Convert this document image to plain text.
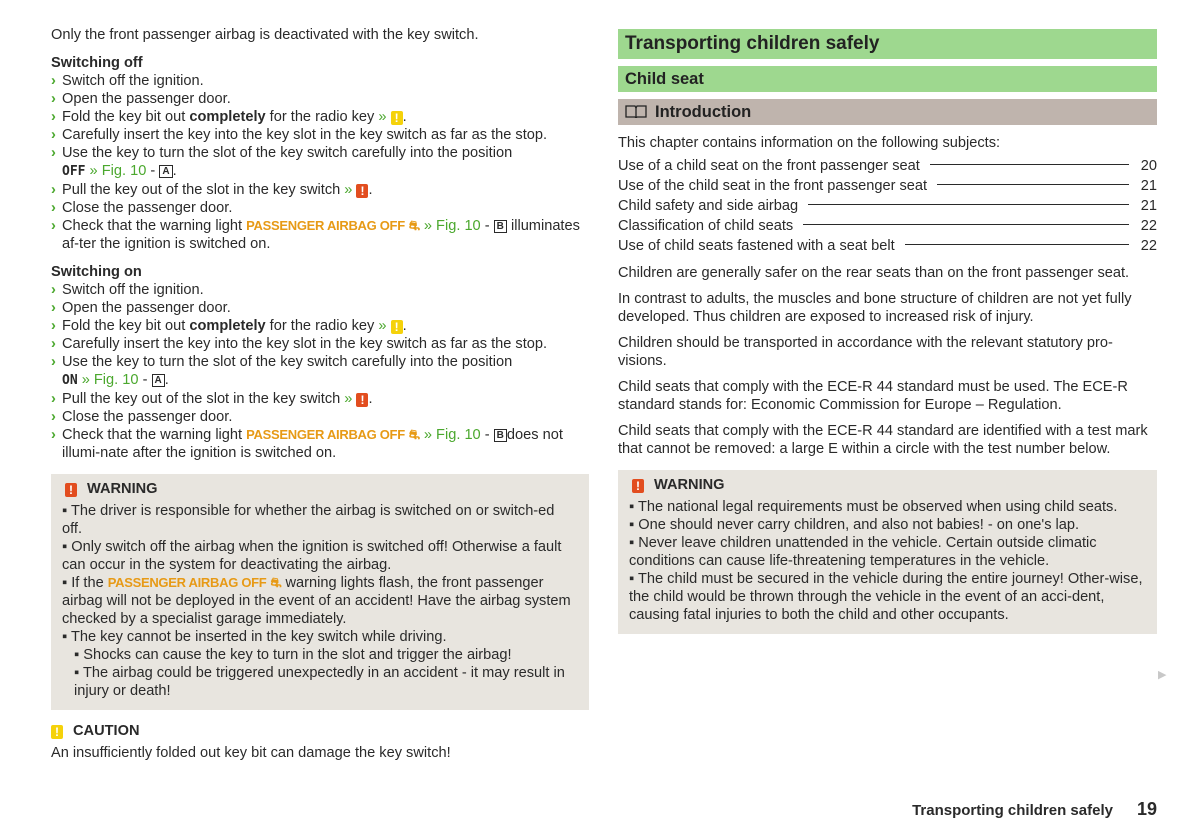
Only the front passenger airbag is deactivated with the key switch.

Switching off

› Switch off the ignition.

› Open the passenger door.

› Fold the key bit out completely for the radio key » ! .

› Carefully insert the key into the key slot in the key switch as far as the stop.

› Use the key to turn the slot of the key switch carefully into the position
OFF » Fig. 10 - A .

› Pull the key out of the slot in the key switch » ! .

› Close the passenger door.

› Check that the warning light PASSENGER AIRBAG OFF ⛐ » Fig. 10 - B illuminates af-ter the ignition is switched on.

Switching on

› Switch off the ignition.

› Open the passenger door.

› Fold the key bit out completely for the radio key » ! .

› Carefully insert the key into the key slot in the key switch as far as the stop.

› Use the key to turn the slot of the key switch carefully into the position
ON » Fig. 10 - A .

› Pull the key out of the slot in the key switch » ! .

› Close the passenger door.

› Check that the warning light PASSENGER AIRBAG OFF ⛐ » Fig. 10 - B does not illumi-nate after the ignition is switched on.

! WARNING

▪ The driver is responsible for whether the airbag is switched on or switch-ed off.

▪ Only switch off the airbag when the ignition is switched off! Otherwise a fault can occur in the system for deactivating the airbag.

▪ If the PASSENGER AIRBAG OFF ⛐ warning lights flash, the front passenger airbag will not be deployed in the event of an accident! Have the airbag system checked by a specialist garage immediately.

▪ The key cannot be inserted in the key switch while driving.

▪ Shocks can cause the key to turn in the slot and trigger the airbag!

▪ The airbag could be triggered unexpectedly in an accident - it may result in injury or death!

! CAUTION

An insufficiently folded out key bit can damage the key switch!

Transporting children safely
Child seat
Introduction

This chapter contains information on the following subjects:

Use of a child seat on the front passenger seat	20
Use of the child seat in the front passenger seat	21
Child safety and side airbag	21
Classification of child seats	22
Use of child seats fastened with a seat belt	22

Children are generally safer on the rear seats than on the front passenger seat.

In contrast to adults, the muscles and bone structure of children are not yet fully developed. Thus children are exposed to increased risk of injury.

Children should be transported in accordance with the relevant statutory pro-visions.

Child seats that comply with the ECE-R 44 standard must be used. The ECE-R standard stands for: Economic Commission for Europe – Regulation.

Child seats that comply with the ECE-R 44 standard are identified with a test mark that cannot be removed: a large E within a circle with the test number below.

! WARNING

▪ The national legal requirements must be observed when using child seats.

▪ One should never carry children, and also not babies! - on one's lap.

▪ Never leave children unattended in the vehicle. Certain outside climatic conditions can cause life-threatening temperatures in the vehicle.

▪ The child must be secured in the vehicle during the entire journey! Other-wise, the child would be thrown through the vehicle in the event of an acci-dent, causing fatal injuries to both the child and other occupants.

▶
Transporting children safely 19
